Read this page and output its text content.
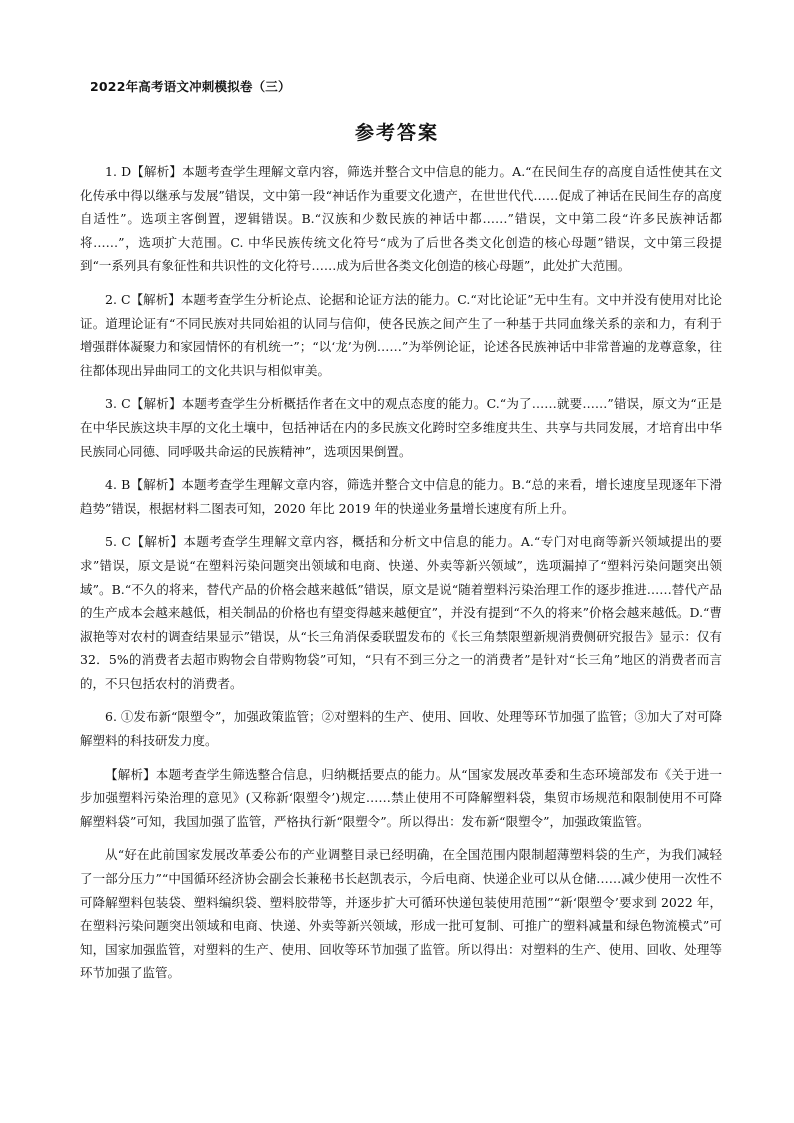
2022年高考语文冲刺模拟卷（三）
参考答案

1. D【解析】本题考查学生理解文章内容，筛选并整合文中信息的能力。A.“在民间生存的高度自适性使其在文化传承中得以继承与发展”错误，文中第一段“神话作为重要文化遗产，在世世代代……促成了神话在民间生存的高度自适性”。选项主客倒置，逻辑错误。B.“汉族和少数民族的神话中都……”错误，文中第二段“许多民族神话都将……”，选项扩大范围。C. 中华民族传统文化符号“成为了后世各类文化创造的核心母题”错误，文中第三段提到“一系列具有象征性和共识性的文化符号……成为后世各类文化创造的核心母题”，此处扩大范围。

2. C【解析】本题考查学生分析论点、论据和论证方法的能力。C.“对比论证”无中生有。文中并没有使用对比论证。道理论证有“不同民族对共同始祖的认同与信仰，使各民族之间产生了一种基于共同血缘关系的亲和力，有利于增强群体凝聚力和家园情怀的有机统一”；“以‘龙’为例……”为举例论证，论述各民族神话中非常普遍的龙尊意象，往往都体现出异曲同工的文化共识与相似审美。

3. C【解析】本题考查学生分析概括作者在文中的观点态度的能力。C.“为了……就要……”错误，原文为“正是在中华民族这块丰厚的文化土壤中，包括神话在内的多民族文化跨时空多维度共生、共享与共同发展，才培育出中华民族同心同德、同呼吸共命运的民族精神”，选项因果倒置。

4. B【解析】本题考查学生理解文章内容，筛选并整合文中信息的能力。B.“总的来看，增长速度呈现逐年下滑趋势”错误，根据材料二图表可知，2020 年比 2019 年的快递业务量增长速度有所上升。

5. C【解析】本题考查学生理解文章内容，概括和分析文中信息的能力。A.“专门对电商等新兴领域提出的要求”错误，原文是说“在塑料污染问题突出领域和电商、快递、外卖等新兴领域”，选项漏掉了“塑料污染问题突出领域”。B.“不久的将来，替代产品的价格会越来越低”错误，原文是说“随着塑料污染治理工作的逐步推进……替代产品的生产成本会越来越低，相关制品的价格也有望变得越来越便宜”，并没有提到“不久的将来”价格会越来越低。D.“曹淑艳等对农村的调查结果显示”错误，从“长三角消保委联盟发布的《长三角禁限塑新规消费侧研究报告》显示：仅有 32．5%的消费者去超市购物会自带购物袋”可知，“只有不到三分之一的消费者”是针对“长三角”地区的消费者而言的，不只包括农村的消费者。

6. ①发布新“限塑令”，加强政策监管；②对塑料的生产、使用、回收、处理等环节加强了监管；③加大了对可降解塑料的科技研发力度。

【解析】本题考查学生筛选整合信息，归纳概括要点的能力。从“国家发展改革委和生态环境部发布《关于进一步加强塑料污染治理的意见》(又称新‘限塑令’)规定……禁止使用不可降解塑料袋，集贸市场规范和限制使用不可降解塑料袋”可知，我国加强了监管，严格执行新“限塑令”。所以得出：发布新“限塑令”，加强政策监管。

从“好在此前国家发展改革委公布的产业调整目录已经明确，在全国范围内限制超薄塑料袋的生产，为我们减轻了一部分压力”“中国循环经济协会副会长兼秘书长赵凯表示，今后电商、快递企业可以从仓储……减少使用一次性不可降解塑料包装袋、塑料编织袋、塑料胶带等，并逐步扩大可循环快递包装使用范围”“新‘限塑令’要求到 2022 年，在塑料污染问题突出领域和电商、快递、外卖等新兴领域，形成一批可复制、可推广的塑料减量和绿色物流模式”可知，国家加强监管，对塑料的生产、使用、回收等环节加强了监管。所以得出：对塑料的生产、使用、回收、处理等环节加强了监管。
